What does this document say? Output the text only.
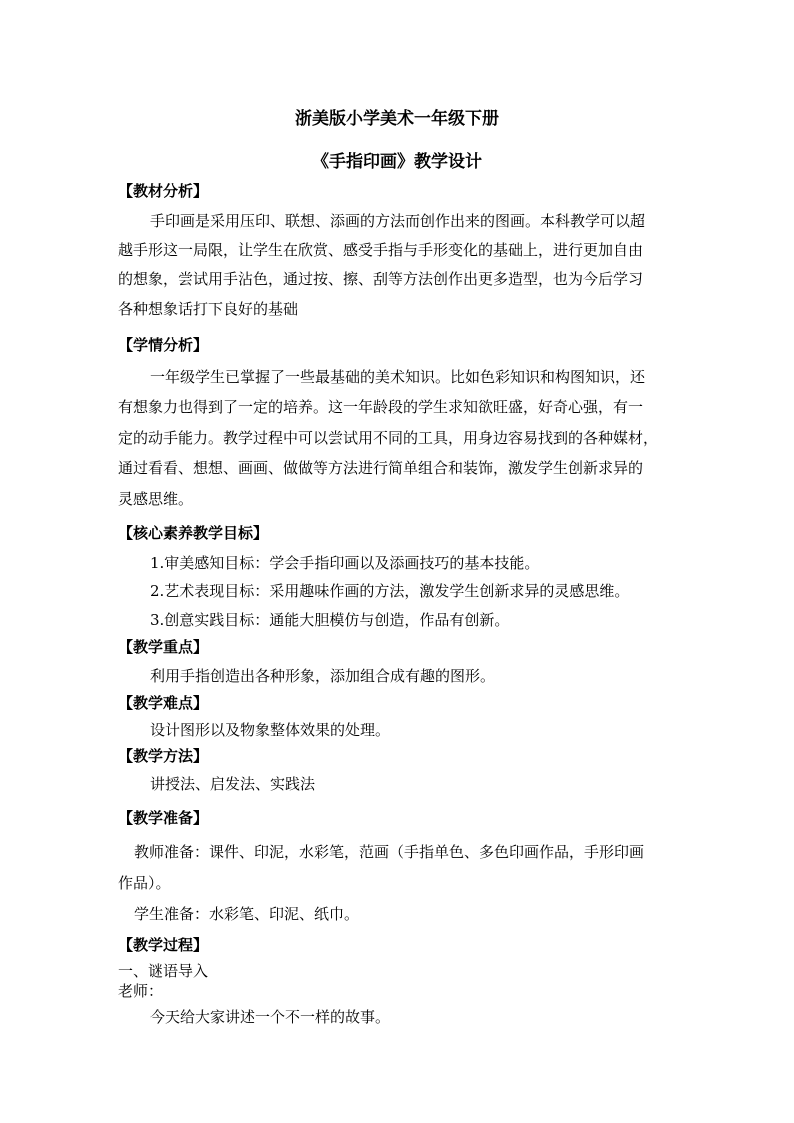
浙美版小学美术一年级下册
《手指印画》教学设计
【教材分析】
手印画是采用压印、联想、添画的方法而创作出来的图画。本科教学可以超
越手形这一局限，让学生在欣赏、感受手指与手形变化的基础上，进行更加自由
的想象，尝试用手沾色，通过按、擦、刮等方法创作出更多造型，也为今后学习
各种想象话打下良好的基础
【学情分析】
一年级学生已掌握了一些最基础的美术知识。比如色彩知识和构图知识，还
有想象力也得到了一定的培养。这一年龄段的学生求知欲旺盛，好奇心强，有一
定的动手能力。教学过程中可以尝试用不同的工具，用身边容易找到的各种媒材，
通过看看、想想、画画、做做等方法进行简单组合和装饰，激发学生创新求异的
灵感思维。
【核心素养教学目标】
1.审美感知目标：学会手指印画以及添画技巧的基本技能。
2.艺术表现目标：采用趣味作画的方法，激发学生创新求异的灵感思维。
3.创意实践目标：通能大胆模仿与创造，作品有创新。
【教学重点】
利用手指创造出各种形象，添加组合成有趣的图形。
【教学难点】
设计图形以及物象整体效果的处理。
【教学方法】
讲授法、启发法、实践法
【教学准备】
教师准备：课件、印泥，水彩笔，范画（手指单色、多色印画作品，手形印画
作品）。
学生准备：水彩笔、印泥、纸巾。
【教学过程】
一、谜语导入
老师：
今天给大家讲述一个不一样的故事。
